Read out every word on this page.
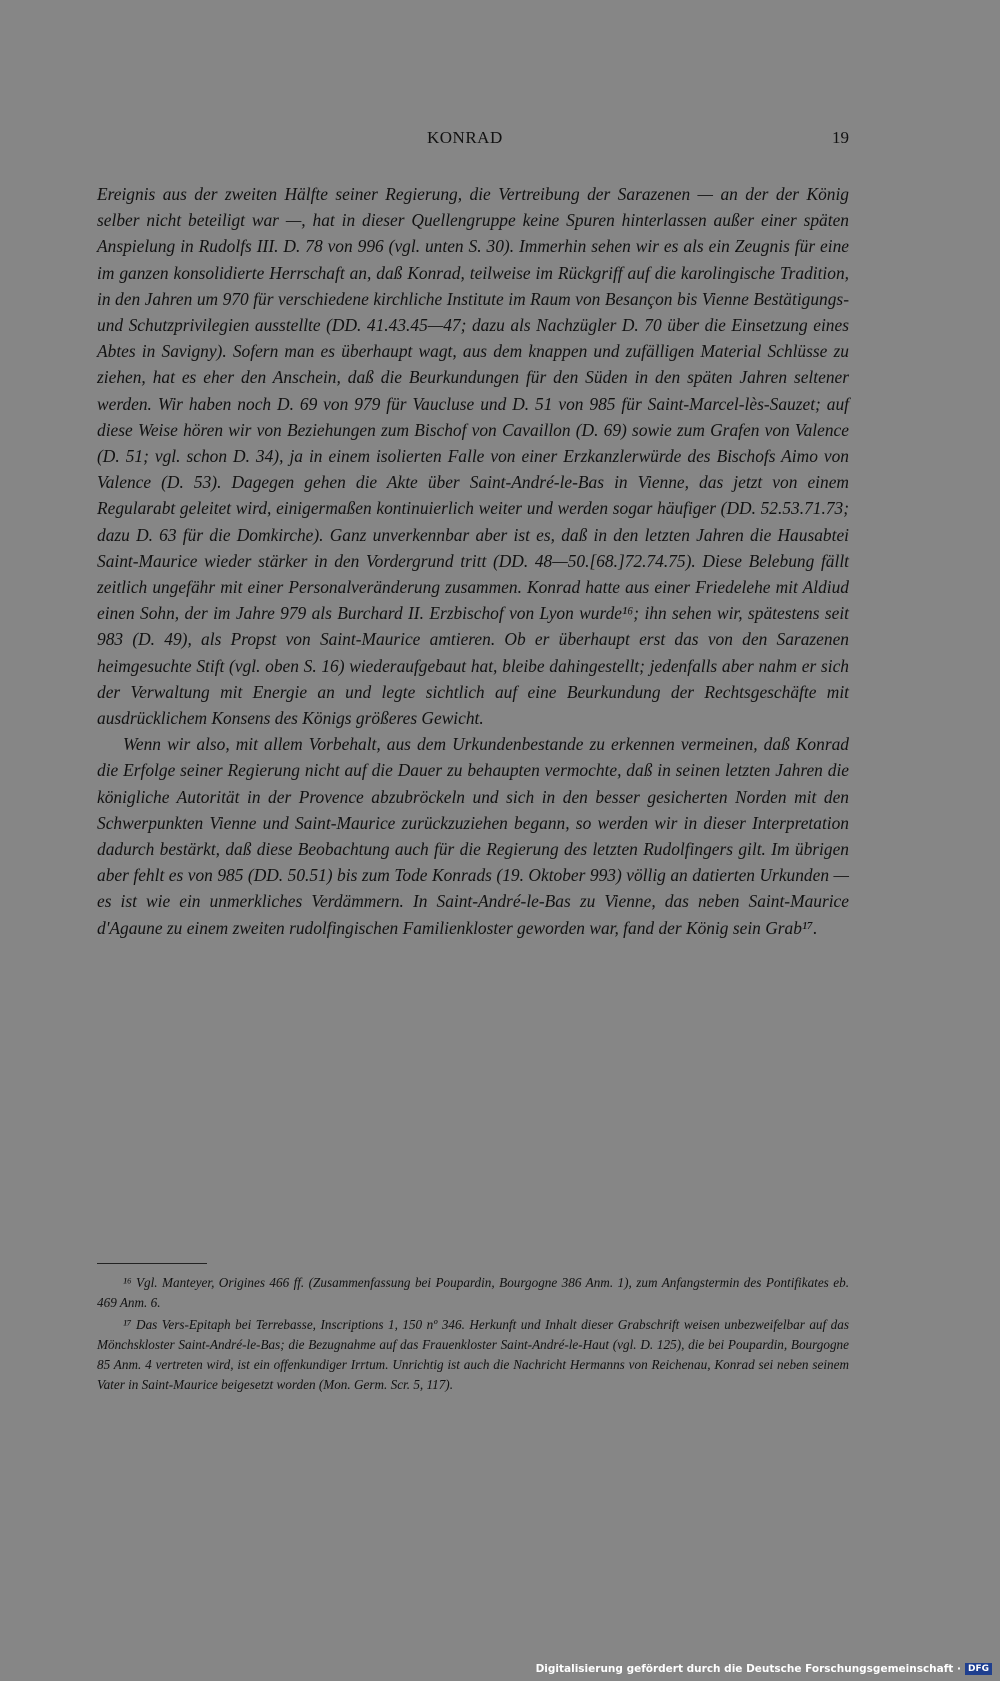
KONRAD	19

Ereignis aus der zweiten Hälfte seiner Regierung, die Vertreibung der Sarazenen — an der der König selber nicht beteiligt war —, hat in dieser Quellengruppe keine Spuren hinterlassen außer einer späten Anspielung in Rudolfs III. D. 78 von 996 (vgl. unten S. 30). Immerhin sehen wir es als ein Zeugnis für eine im ganzen konsolidierte Herrschaft an, daß Konrad, teilweise im Rückgriff auf die karolingische Tradition, in den Jahren um 970 für verschiedene kirchliche Institute im Raum von Besançon bis Vienne Bestätigungs- und Schutzprivilegien ausstellte (DD. 41.43.45—47; dazu als Nachzügler D. 70 über die Einsetzung eines Abtes in Savigny). Sofern man es überhaupt wagt, aus dem knappen und zufälligen Material Schlüsse zu ziehen, hat es eher den Anschein, daß die Beurkundungen für den Süden in den späten Jahren seltener werden. Wir haben noch D. 69 von 979 für Vaucluse und D. 51 von 985 für Saint-Marcel-lès-Sauzet; auf diese Weise hören wir von Beziehungen zum Bischof von Cavaillon (D. 69) sowie zum Grafen von Valence (D. 51; vgl. schon D. 34), ja in einem isolierten Falle von einer Erzkanzlerwürde des Bischofs Aimo von Valence (D. 53). Dagegen gehen die Akte über Saint-André-le-Bas in Vienne, das jetzt von einem Regularabt geleitet wird, einigermaßen kontinuierlich weiter und werden sogar häufiger (DD. 52.53.71.73; dazu D. 63 für die Domkirche). Ganz unverkennbar aber ist es, daß in den letzten Jahren die Hausabtei Saint-Maurice wieder stärker in den Vordergrund tritt (DD. 48—50.[68.]72.74.75). Diese Belebung fällt zeitlich ungefähr mit einer Personalveränderung zusammen. Konrad hatte aus einer Friedelehe mit Aldiud einen Sohn, der im Jahre 979 als Burchard II. Erzbischof von Lyon wurde¹⁶; ihn sehen wir, spätestens seit 983 (D. 49), als Propst von Saint-Maurice amtieren. Ob er überhaupt erst das von den Sarazenen heimgesuchte Stift (vgl. oben S. 16) wiederaufgebaut hat, bleibe dahingestellt; jedenfalls aber nahm er sich der Verwaltung mit Energie an und legte sichtlich auf eine Beurkundung der Rechtsgeschäfte mit ausdrücklichem Konsens des Königs größeres Gewicht.

Wenn wir also, mit allem Vorbehalt, aus dem Urkundenbestande zu erkennen vermeinen, daß Konrad die Erfolge seiner Regierung nicht auf die Dauer zu behaupten vermochte, daß in seinen letzten Jahren die königliche Autorität in der Provence abzubröckeln und sich in den besser gesicherten Norden mit den Schwerpunkten Vienne und Saint-Maurice zurückzuziehen begann, so werden wir in dieser Interpretation dadurch bestärkt, daß diese Beobachtung auch für die Regierung des letzten Rudolfingers gilt. Im übrigen aber fehlt es von 985 (DD. 50.51) bis zum Tode Konrads (19. Oktober 993) völlig an datierten Urkunden — es ist wie ein unmerkliches Verdämmern. In Saint-André-le-Bas zu Vienne, das neben Saint-Maurice d'Agaune zu einem zweiten rudolfingischen Familienkloster geworden war, fand der König sein Grab¹⁷.

¹⁶ Vgl. Manteyer, Origines 466 ff. (Zusammenfassung bei Poupardin, Bourgogne 386 Anm. 1), zum Anfangstermin des Pontifikates eb. 469 Anm. 6.

¹⁷ Das Vers-Epitaph bei Terrebasse, Inscriptions 1, 150 nº 346. Herkunft und Inhalt dieser Grabschrift weisen unbezweifelbar auf das Mönchskloster Saint-André-le-Bas; die Bezugnahme auf das Frauenkloster Saint-André-le-Haut (vgl. D. 125), die bei Poupardin, Bourgogne 85 Anm. 4 vertreten wird, ist ein offenkundiger Irrtum. Unrichtig ist auch die Nachricht Hermanns von Reichenau, Konrad sei neben seinem Vater in Saint-Maurice beigesetzt worden (Mon. Germ. Scr. 5, 117).

Digitalisierung gefördert durch die Deutsche Forschungsgemeinschaft · DFG
